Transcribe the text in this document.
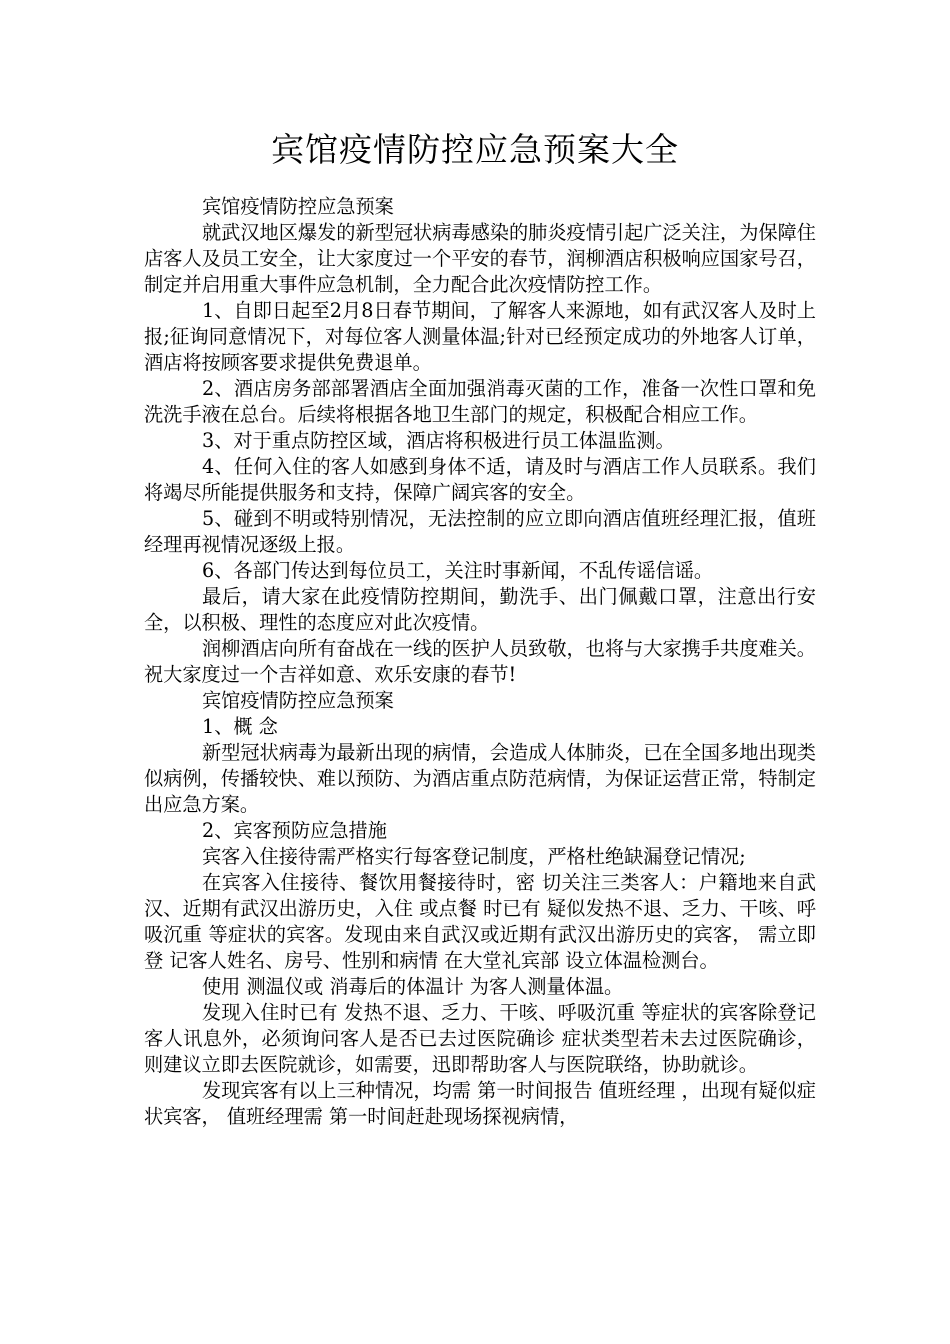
宾馆疫情防控应急预案大全

宾馆疫情防控应急预案

就武汉地区爆发的新型冠状病毒感染的肺炎疫情引起广泛关注，为保障住店客人及员工安全，让大家度过一个平安的春节，润柳酒店积极响应国家号召，制定并启用重大事件应急机制，全力配合此次疫情防控工作。

1、自即日起至2月8日春节期间，了解客人来源地，如有武汉客人及时上报;征询同意情况下，对每位客人测量体温;针对已经预定成功的外地客人订单， 酒店将按顾客要求提供免费退单。

2、酒店房务部部署酒店全面加强消毒灭菌的工作，准备一次性口罩和免洗洗手液在总台。后续将根据各地卫生部门的规定，积极配合相应工作。

3、对于重点防控区域，酒店将积极进行员工体温监测。

4、任何入住的客人如感到身体不适，请及时与酒店工作人员联系。我们将竭尽所能提供服务和支持，保障广阔宾客的安全。

5、碰到不明或特别情况，无法控制的应立即向酒店值班经理汇报，值班经理再视情况逐级上报。

6、各部门传达到每位员工，关注时事新闻，不乱传谣信谣。

最后，请大家在此疫情防控期间，勤洗手、出门佩戴口罩，注意出行安全，以积极、理性的态度应对此次疫情。

润柳酒店向所有奋战在一线的医护人员致敬，也将与大家携手共度难关。祝大家度过一个吉祥如意、欢乐安康的春节!

宾馆疫情防控应急预案

1、概 念

新型冠状病毒为最新出现的病情，会造成人体肺炎，已在全国多地出现类似病例，传播较快、难以预防、为酒店重点防范病情，为保证运营正常，特制定出应急方案。

2、宾客预防应急措施

宾客入住接待需严格实行每客登记制度，严格杜绝缺漏登记情况;

在宾客入住接待、餐饮用餐接待时，密 切关注三类客人：户籍地来自武汉、近期有武汉出游历史，入住 或点餐 时已有 疑似发热不退、乏力、干咳、呼吸沉重 等症状的宾客。发现由来自武汉或近期有武汉出游历史的宾客， 需立即登 记客人姓名、房号、性别和病情 在大堂礼宾部 设立体温检测台。

使用 测温仪或 消毒后的体温计 为客人测量体温。

发现入住时已有 发热不退、乏力、干咳、呼吸沉重 等症状的宾客除登记客人讯息外，必须询问客人是否已去过医院确诊 症状类型若未去过医院确诊，则建议立即去医院就诊，如需要，迅即帮助客人与医院联络，协助就诊。

发现宾客有以上三种情况，均需 第一时间报告 值班经理 ，出现有疑似症状宾客， 值班经理需 第一时间赶赴现场探视病情，
